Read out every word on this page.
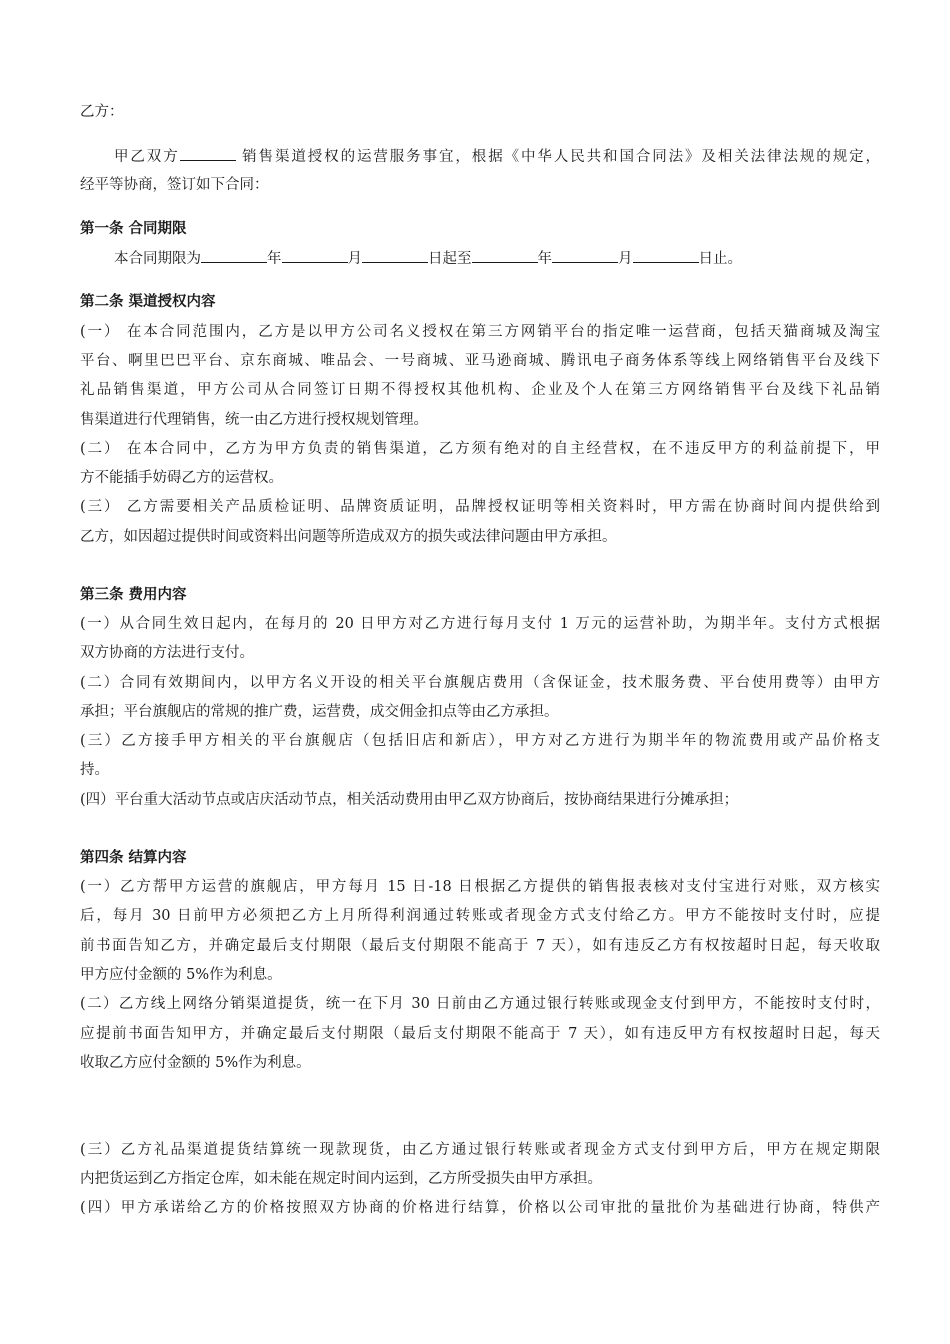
乙方：
甲乙双方	销售渠道授权的运营服务事宜，根据《中华人民共和国合同法》及相关法律法规的规定，
经平等协商，签订如下合同：
第一条 合同期限
本合同期限为	年	月	日起至	年	月	日止。
第二条 渠道授权内容
(一） 在本合同范围内，乙方是以甲方公司名义授权在第三方网销平台的指定唯一运营商，包括天猫商城及淘宝
平台、啊里巴巴平台、京东商城、唯品会、一号商城、亚马逊商城、腾讯电子商务体系等线上网络销售平台及线下
礼品销售渠道，甲方公司从合同签订日期不得授权其他机构、企业及个人在第三方网络销售平台及线下礼品销
售渠道进行代理销售，统一由乙方进行授权规划管理。
(二） 在本合同中，乙方为甲方负责的销售渠道，乙方须有绝对的自主经营权，在不违反甲方的利益前提下，甲
方不能插手妨碍乙方的运营权。
(三） 乙方需要相关产品质检证明、品牌资质证明，品牌授权证明等相关资料时，甲方需在协商时间内提供给到
乙方，如因超过提供时间或资料出问题等所造成双方的损失或法律问题由甲方承担。
第三条 费用内容
(一）从合同生效日起内，在每月的 20 日甲方对乙方进行每月支付 1 万元的运营补助，为期半年。支付方式根据
双方协商的方法进行支付。
(二）合同有效期间内，以甲方名义开设的相关平台旗舰店费用（含保证金，技术服务费、平台使用费等）由甲方
承担；平台旗舰店的常规的推广费，运营费，成交佣金扣点等由乙方承担。
(三）乙方接手甲方相关的平台旗舰店（包括旧店和新店），甲方对乙方进行为期半年的物流费用或产品价格支
持。
(四）平台重大活动节点或店庆活动节点，相关活动费用由甲乙双方协商后，按协商结果进行分摊承担；
第四条 结算内容
(一）乙方帮甲方运营的旗舰店，甲方每月 15 日-18 日根据乙方提供的销售报表核对支付宝进行对账，双方核实
后，每月 30 日前甲方必须把乙方上月所得利润通过转账或者现金方式支付给乙方。甲方不能按时支付时，应提
前书面告知乙方，并确定最后支付期限（最后支付期限不能高于 7 天），如有违反乙方有权按超时日起，每天收取
甲方应付金额的 5%作为利息。
(二）乙方线上网络分销渠道提货，统一在下月 30 日前由乙方通过银行转账或现金支付到甲方，不能按时支付时，
应提前书面告知甲方，并确定最后支付期限（最后支付期限不能高于 7 天），如有违反甲方有权按超时日起，每天
收取乙方应付金额的 5%作为利息。
(三）乙方礼品渠道提货结算统一现款现货，由乙方通过银行转账或者现金方式支付到甲方后，甲方在规定期限
内把货运到乙方指定仓库，如未能在规定时间内运到，乙方所受损失由甲方承担。
(四）甲方承诺给乙方的价格按照双方协商的价格进行结算，价格以公司审批的量批价为基础进行协商，特供产
